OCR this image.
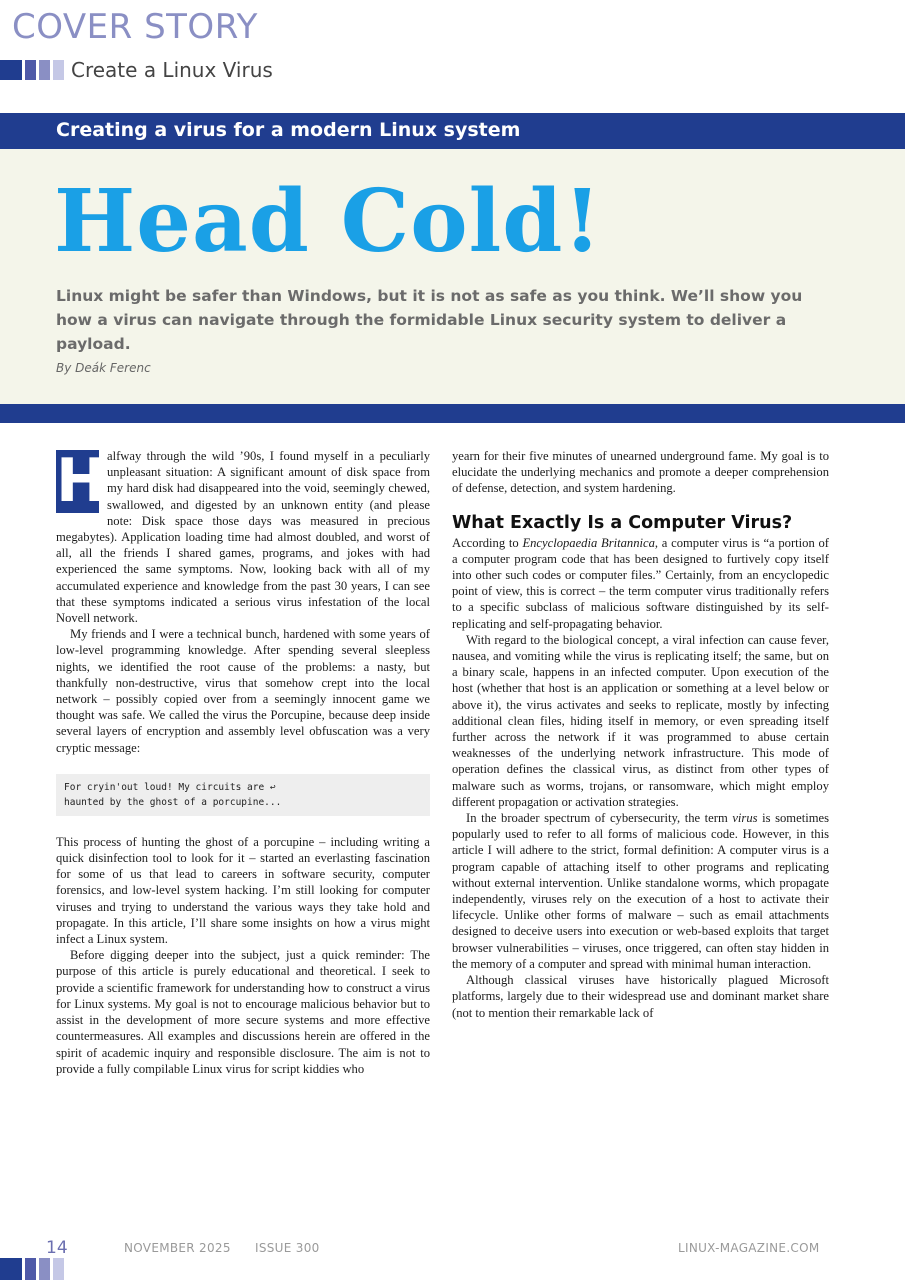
COVER STORY
Create a Linux Virus
Creating a virus for a modern Linux system
Head Cold!

Linux might be safer than Windows, but it is not as safe as you think. We’ll show you how a virus can navigate through the formidable Linux security system to deliver a payload.

By Deák Ferenc

H alfway through the wild ’90s, I found myself in a peculiarly unpleasant situation: A significant amount of disk space from my hard disk had disappeared into the void, seemingly chewed, swallowed, and digested by an unknown entity (and please note: Disk space those days was measured in precious megabytes). Application loading time had almost doubled, and worst of all, all the friends I shared games, programs, and jokes with had experienced the same symptoms. Now, looking back with all of my accumulated experience and knowledge from the past 30 years, I can see that these symptoms indicated a serious virus infestation of the local Novell network.

My friends and I were a technical bunch, hardened with some years of low-level programming knowledge. After spending several sleepless nights, we identified the root cause of the problems: a nasty, but thankfully non-destructive, virus that somehow crept into the local network – possibly copied over from a seemingly innocent game we thought was safe. We called the virus the Porcupine, because deep inside several layers of encryption and assembly level obfuscation was a very cryptic message:

For cryin'out loud! My circuits are ↩
haunted by the ghost of a porcupine...

This process of hunting the ghost of a porcupine – including writing a quick disinfection tool to look for it – started an everlasting fascination for some of us that lead to careers in software security, computer forensics, and low-level system hacking. I’m still looking for computer viruses and trying to understand the various ways they take hold and propagate. In this article, I’ll share some insights on how a virus might infect a Linux system.

Before digging deeper into the subject, just a quick reminder: The purpose of this article is purely educational and theoretical. I seek to provide a scientific framework for understanding how to construct a virus for Linux systems. My goal is not to encourage malicious behavior but to assist in the development of more secure systems and more effective countermeasures. All examples and discussions herein are offered in the spirit of academic inquiry and responsible disclosure. The aim is not to provide a fully compilable Linux virus for script kiddies who

yearn for their five minutes of unearned underground fame. My goal is to elucidate the underlying mechanics and promote a deeper comprehension of defense, detection, and system hardening.

What Exactly Is a Computer Virus?

According to Encyclopaedia Britannica, a computer virus is “a portion of a computer program code that has been designed to furtively copy itself into other such codes or computer files.” Certainly, from an encyclopedic point of view, this is correct – the term computer virus traditionally refers to a specific subclass of malicious software distinguished by its self-replicating and self-propagating behavior.

With regard to the biological concept, a viral infection can cause fever, nausea, and vomiting while the virus is replicating itself; the same, but on a binary scale, happens in an infected computer. Upon execution of the host (whether that host is an application or something at a level below or above it), the virus activates and seeks to replicate, mostly by infecting additional clean files, hiding itself in memory, or even spreading itself further across the network if it was programmed to abuse certain weaknesses of the underlying network infrastructure. This mode of operation defines the classical virus, as distinct from other types of malware such as worms, trojans, or ransomware, which might employ different propagation or activation strategies.

In the broader spectrum of cybersecurity, the term virus is sometimes popularly used to refer to all forms of malicious code. However, in this article I will adhere to the strict, formal definition: A computer virus is a program capable of attaching itself to other programs and replicating without external intervention. Unlike standalone worms, which propagate independently, viruses rely on the execution of a host to activate their lifecycle. Unlike other forms of malware – such as email attachments designed to deceive users into execution or web-based exploits that target browser vulnerabilities – viruses, once triggered, can often stay hidden in the memory of a computer and spread with minimal human interaction.

Although classical viruses have historically plagued Microsoft platforms, largely due to their widespread use and dominant market share (not to mention their remarkable lack of

14	NOVEMBER 2025 ISSUE 300	LINUX-MAGAZINE.COM
